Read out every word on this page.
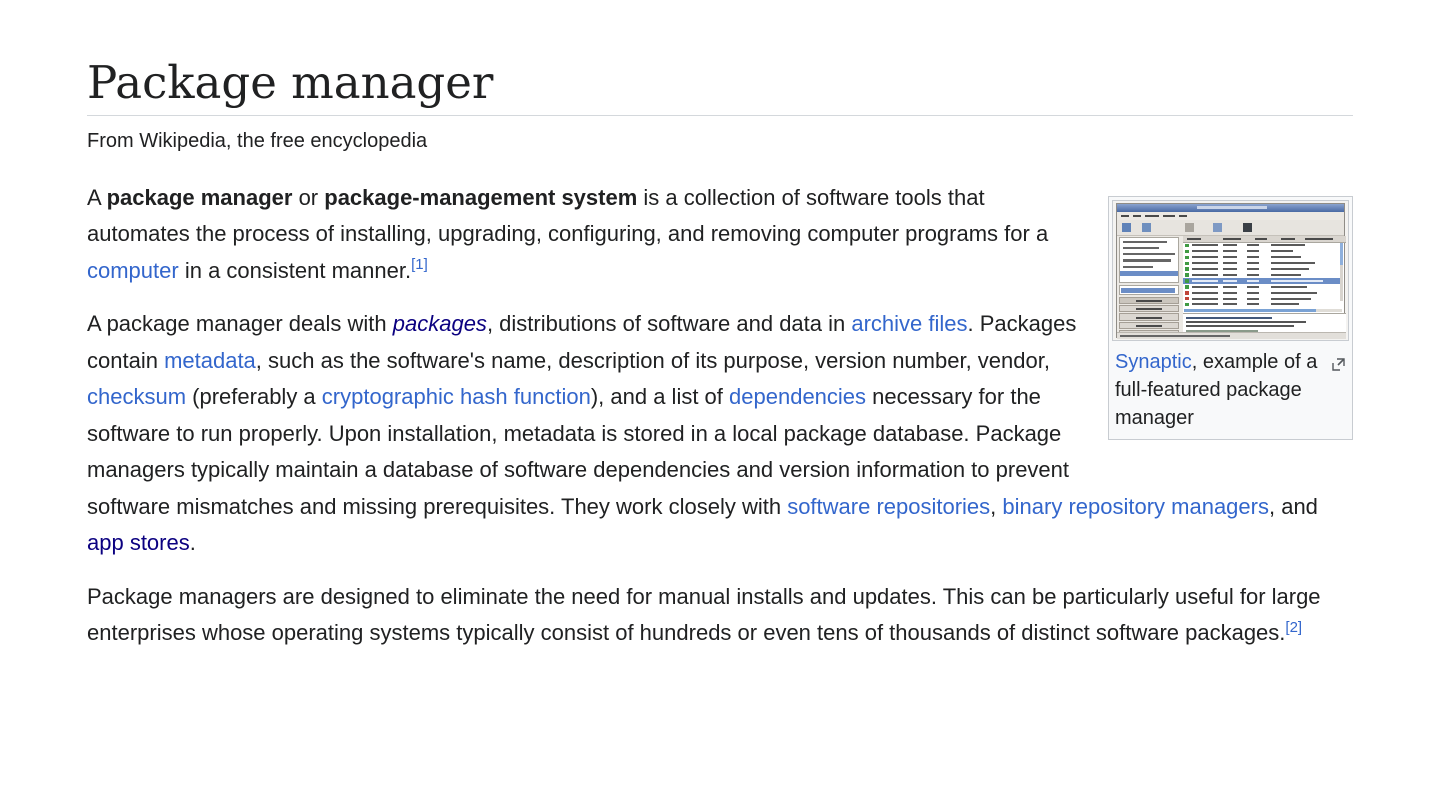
Package manager
From Wikipedia, the free encyclopedia
Synaptic, example of a full-featured package manager

A package manager or package-management system is a collection of software tools that automates the process of installing, upgrading, configuring, and removing computer programs for a computer in a consistent manner.[1]

A package manager deals with packages, distributions of software and data in archive files. Packages contain metadata, such as the software's name, description of its purpose, version number, vendor, checksum (preferably a cryptographic hash function), and a list of dependencies necessary for the software to run properly. Upon installation, metadata is stored in a local package database. Package managers typically maintain a database of software dependencies and version information to prevent software mismatches and missing prerequisites. They work closely with software repositories, binary repository managers, and app stores.

Package managers are designed to eliminate the need for manual installs and updates. This can be particularly useful for large enterprises whose operating systems typically consist of hundreds or even tens of thousands of distinct software packages.[2]
